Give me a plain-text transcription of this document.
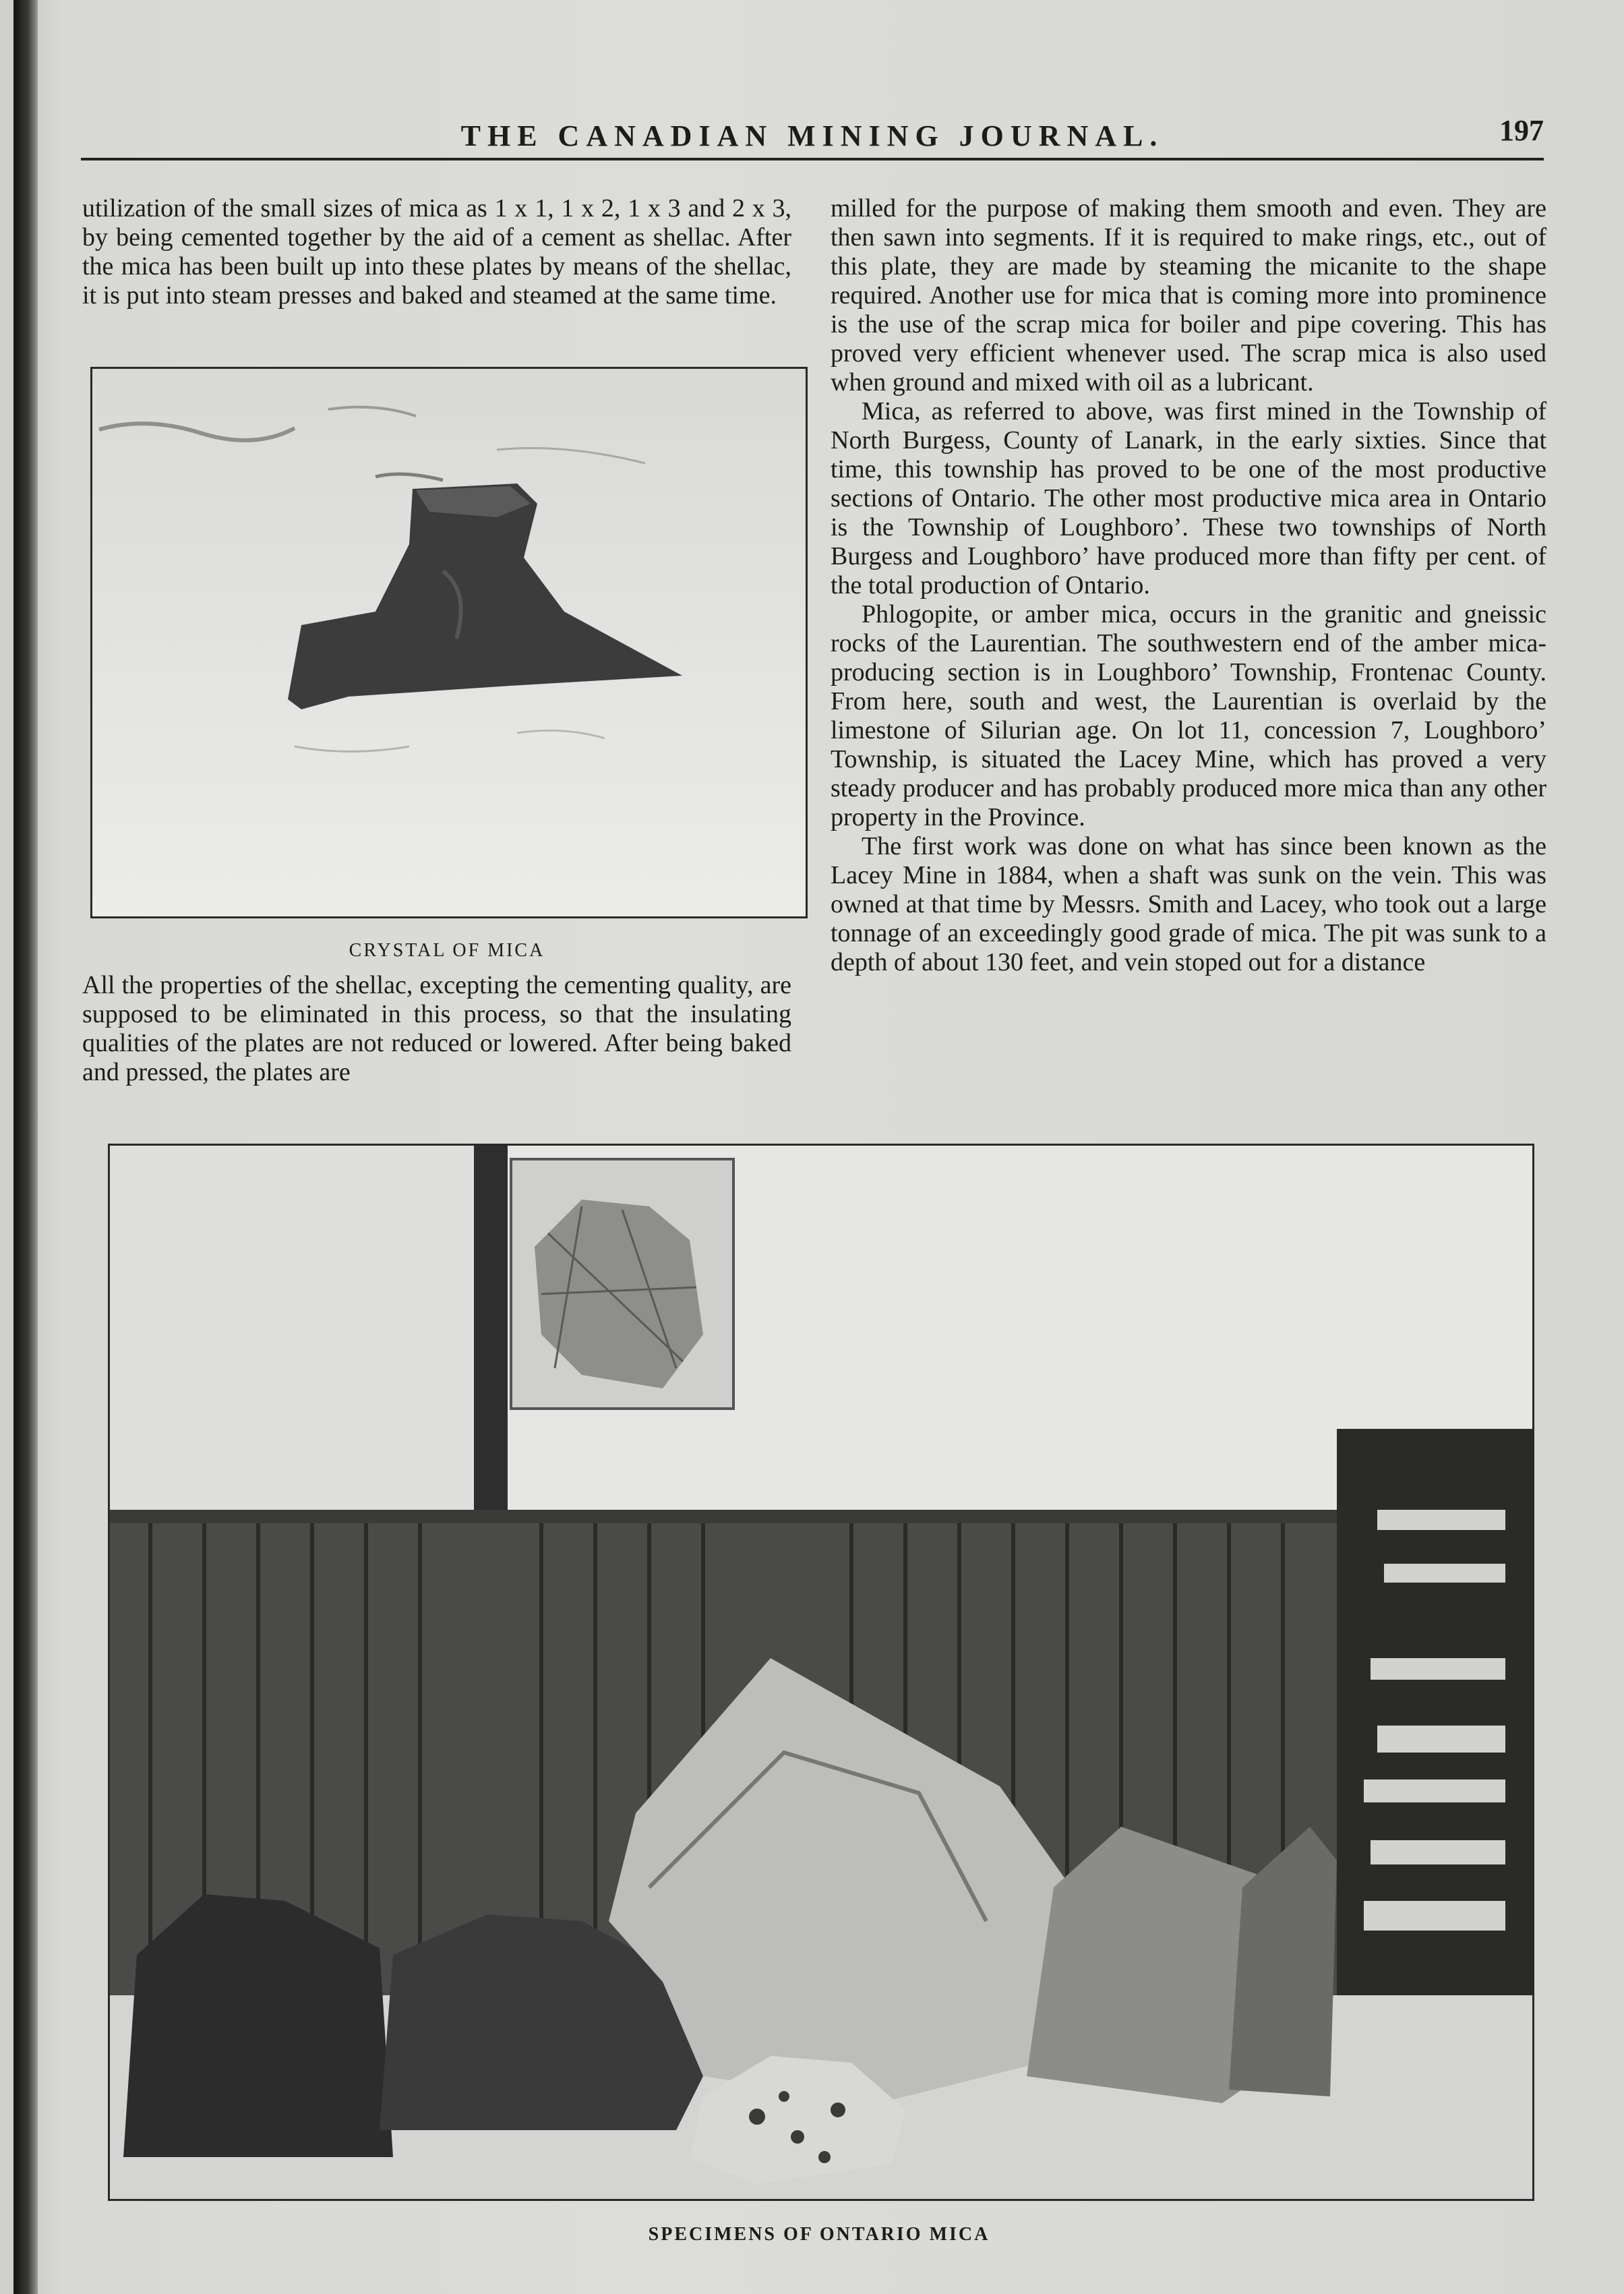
THE CANADIAN MINING JOURNAL.	197

utilization of the small sizes of mica as 1 x 1, 1 x 2, 1 x 3 and 2 x 3, by being cemented together by the aid of a cement as shellac. After the mica has been built up into these plates by means of the shellac, it is put into steam presses and baked and steamed at the same time.

CRYSTAL OF MICA

All the properties of the shellac, excepting the cementing quality, are supposed to be eliminated in this process, so that the insulating qualities of the plates are not reduced or lowered. After being baked and pressed, the plates are

milled for the purpose of making them smooth and even. They are then sawn into segments. If it is required to make rings, etc., out of this plate, they are made by steaming the micanite to the shape required. Another use for mica that is coming more into prominence is the use of the scrap mica for boiler and pipe covering. This has proved very efficient whenever used. The scrap mica is also used when ground and mixed with oil as a lubricant.

Mica, as referred to above, was first mined in the Township of North Burgess, County of Lanark, in the early sixties. Since that time, this township has proved to be one of the most productive sections of Ontario. The other most productive mica area in Ontario is the Township of Loughboro’. These two townships of North Burgess and Loughboro’ have produced more than fifty per cent. of the total production of Ontario.

Phlogopite, or amber mica, occurs in the granitic and gneissic rocks of the Laurentian. The southwestern end of the amber mica-producing section is in Loughboro’ Township, Frontenac County. From here, south and west, the Laurentian is overlaid by the limestone of Silurian age. On lot 11, concession 7, Loughboro’ Township, is situated the Lacey Mine, which has proved a very steady producer and has probably produced more mica than any other property in the Province.

The first work was done on what has since been known as the Lacey Mine in 1884, when a shaft was sunk on the vein. This was owned at that time by Messrs. Smith and Lacey, who took out a large tonnage of an exceedingly good grade of mica. The pit was sunk to a depth of about 130 feet, and vein stoped out for a distance

SPECIMENS OF ONTARIO MICA
